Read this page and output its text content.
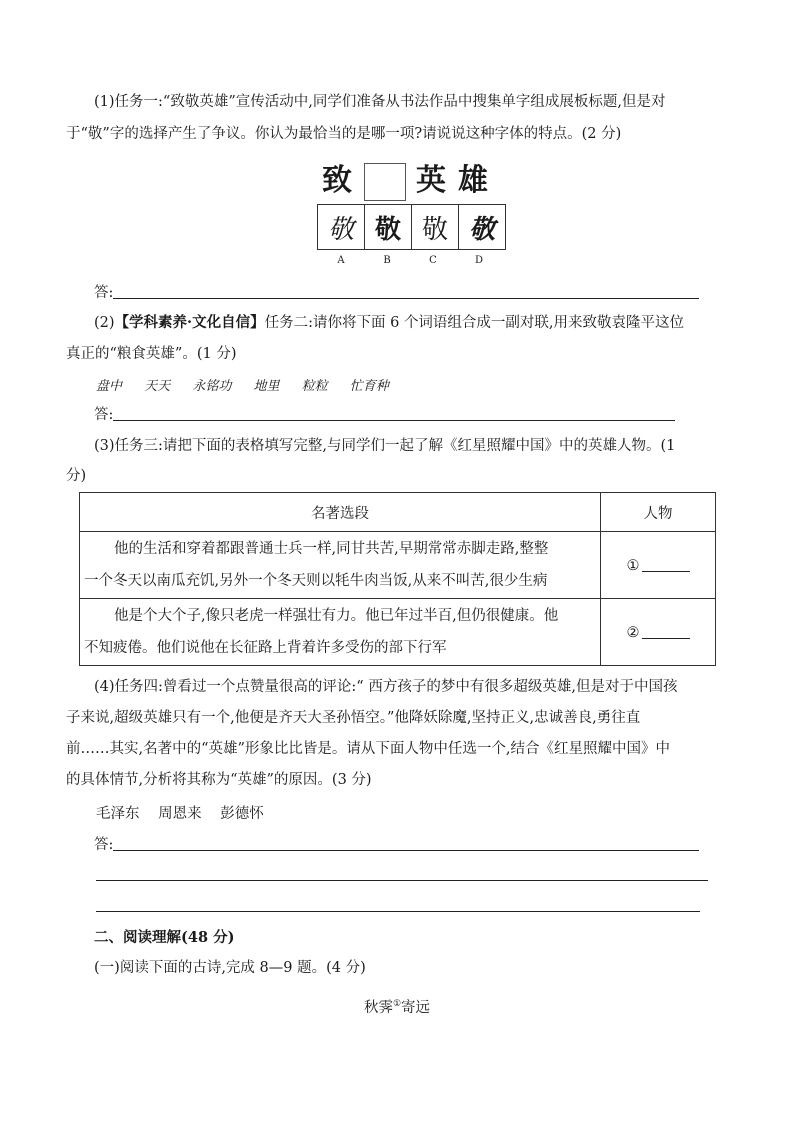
(1)任务一:“致敬英雄”宣传活动中,同学们准备从书法作品中搜集单字组成展板标题,但是对
于“敬”字的选择产生了争议。你认为最恰当的是哪一项?请说说这种字体的特点。(2 分)
致 英 雄
敬 敬 敬 敬
A	B	C	D
答:
(2)【学科素养·文化自信】任务二:请你将下面 6 个词语组合成一副对联,用来致敬袁隆平这位
真正的“粮食英雄”。(1 分)
盘中 天天 永铭功 地里 粒粒 忙育种
答:
(3)任务三:请把下面的表格填写完整,与同学们一起了解《红星照耀中国》中的英雄人物。(1
分)
名著选段	人物

他的生活和穿着都跟普通士兵一样,同甘共苦,早期常常赤脚走路,整整
一个冬天以南瓜充饥,另外一个冬天则以牦牛肉当饭,从来不叫苦,很少生病	①

他是个大个子,像只老虎一样强壮有力。他已年过半百,但仍很健康。他
不知疲倦。他们说他在长征路上背着许多受伤的部下行军	②
(4)任务四:曾看过一个点赞量很高的评论:“ 西方孩子的梦中有很多超级英雄,但是对于中国孩
子来说,超级英雄只有一个,他便是齐天大圣孙悟空。”他降妖除魔,坚持正义,忠诚善良,勇往直
前……其实,名著中的“英雄”形象比比皆是。请从下面人物中任选一个,结合《红星照耀中国》中
的具体情节,分析将其称为“英雄”的原因。(3 分)
毛泽东 周恩来 彭德怀
答:
二、阅读理解(48 分)
(一)阅读下面的古诗,完成 8—9 题。(4 分)
秋霁①寄远
